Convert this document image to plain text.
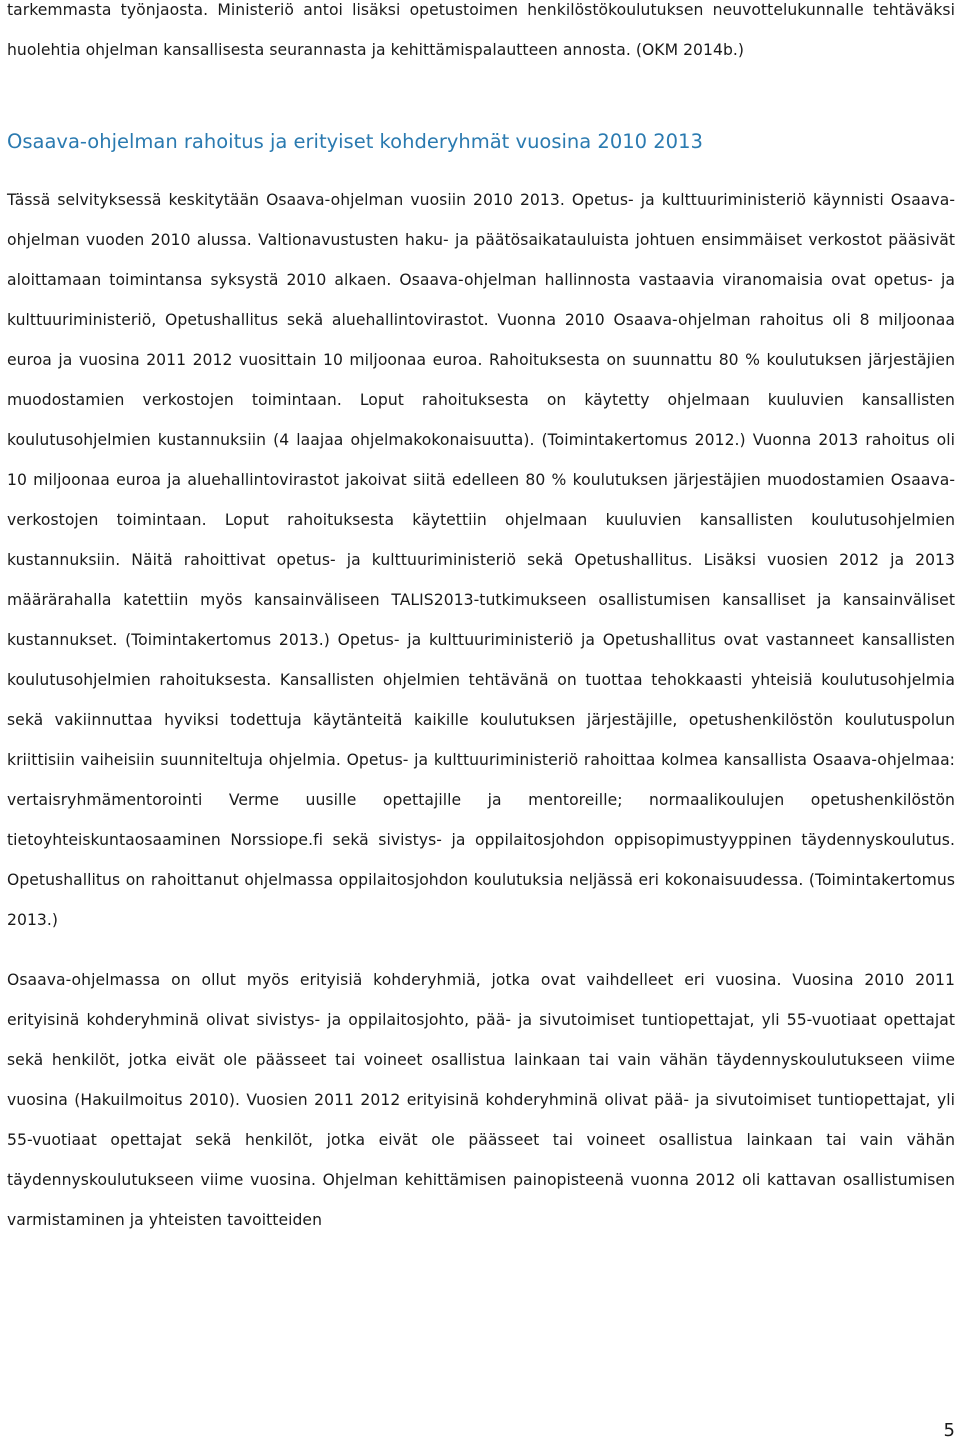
tarkemmasta työnjaosta. Ministeriö antoi lisäksi opetustoimen henkilöstökoulutuksen neuvottelukunnalle tehtäväksi huolehtia ohjelman kansallisesta seurannasta ja kehittämispalautteen annosta. (OKM 2014b.)

Osaava-ohjelman rahoitus ja erityiset kohderyhmät vuosina 2010 2013

Tässä selvityksessä keskitytään Osaava-ohjelman vuosiin 2010 2013. Opetus- ja kulttuuriministeriö käynnisti Osaava-ohjelman vuoden 2010 alussa. Valtionavustusten haku- ja päätösaikatauluista johtuen ensimmäiset verkostot pääsivät aloittamaan toimintansa syksystä 2010 alkaen. Osaava-ohjelman hallinnosta vastaavia viranomaisia ovat opetus- ja kulttuuriministeriö, Opetushallitus sekä aluehallintovirastot. Vuonna 2010 Osaava-ohjelman rahoitus oli 8 miljoonaa euroa ja vuosina 2011 2012 vuosittain 10 miljoonaa euroa. Rahoituksesta on suunnattu 80 % koulutuksen järjestäjien muodostamien verkostojen toimintaan. Loput rahoituksesta on käytetty ohjelmaan kuuluvien kansallisten koulutusohjelmien kustannuksiin (4 laajaa ohjelmakokonaisuutta). (Toimintakertomus 2012.) Vuonna 2013 rahoitus oli 10 miljoonaa euroa ja aluehallintovirastot jakoivat siitä edelleen 80 % koulutuksen järjestäjien muodostamien Osaava-verkostojen toimintaan. Loput rahoituksesta käytettiin ohjelmaan kuuluvien kansallisten koulutusohjelmien kustannuksiin. Näitä rahoittivat opetus- ja kulttuuriministeriö sekä Opetushallitus. Lisäksi vuosien 2012 ja 2013 määrärahalla katettiin myös kansainväliseen TALIS2013-tutkimukseen osallistumisen kansalliset ja kansainväliset kustannukset. (Toimintakertomus 2013.) Opetus- ja kulttuuriministeriö ja Opetushallitus ovat vastanneet kansallisten koulutusohjelmien rahoituksesta. Kansallisten ohjelmien tehtävänä on tuottaa tehokkaasti yhteisiä koulutusohjelmia sekä vakiinnuttaa hyviksi todettuja käytänteitä kaikille koulutuksen järjestäjille, opetushenkilöstön koulutuspolun kriittisiin vaiheisiin suunniteltuja ohjelmia. Opetus- ja kulttuuriministeriö rahoittaa kolmea kansallista Osaava-ohjelmaa: vertaisryhmämentorointi Verme uusille opettajille ja mentoreille; normaalikoulujen opetushenkilöstön tietoyhteiskuntaosaaminen Norssiope.fi sekä sivistys- ja oppilaitosjohdon oppisopimustyyppinen täydennyskoulutus. Opetushallitus on rahoittanut ohjelmassa oppilaitosjohdon koulutuksia neljässä eri kokonaisuudessa. (Toimintakertomus 2013.)

Osaava-ohjelmassa on ollut myös erityisiä kohderyhmiä, jotka ovat vaihdelleet eri vuosina. Vuosina 2010 2011 erityisinä kohderyhminä olivat sivistys- ja oppilaitosjohto, pää- ja sivutoimiset tuntiopettajat, yli 55-vuotiaat opettajat sekä henkilöt, jotka eivät ole päässeet tai voineet osallistua lainkaan tai vain vähän täydennyskoulutukseen viime vuosina (Hakuilmoitus 2010). Vuosien 2011 2012 erityisinä kohderyhminä olivat pää- ja sivutoimiset tuntiopettajat, yli 55-vuotiaat opettajat sekä henkilöt, jotka eivät ole päässeet tai voineet osallistua lainkaan tai vain vähän täydennyskoulutukseen viime vuosina. Ohjelman kehittämisen painopisteenä vuonna 2012 oli kattavan osallistumisen varmistaminen ja yhteisten tavoitteiden

5
